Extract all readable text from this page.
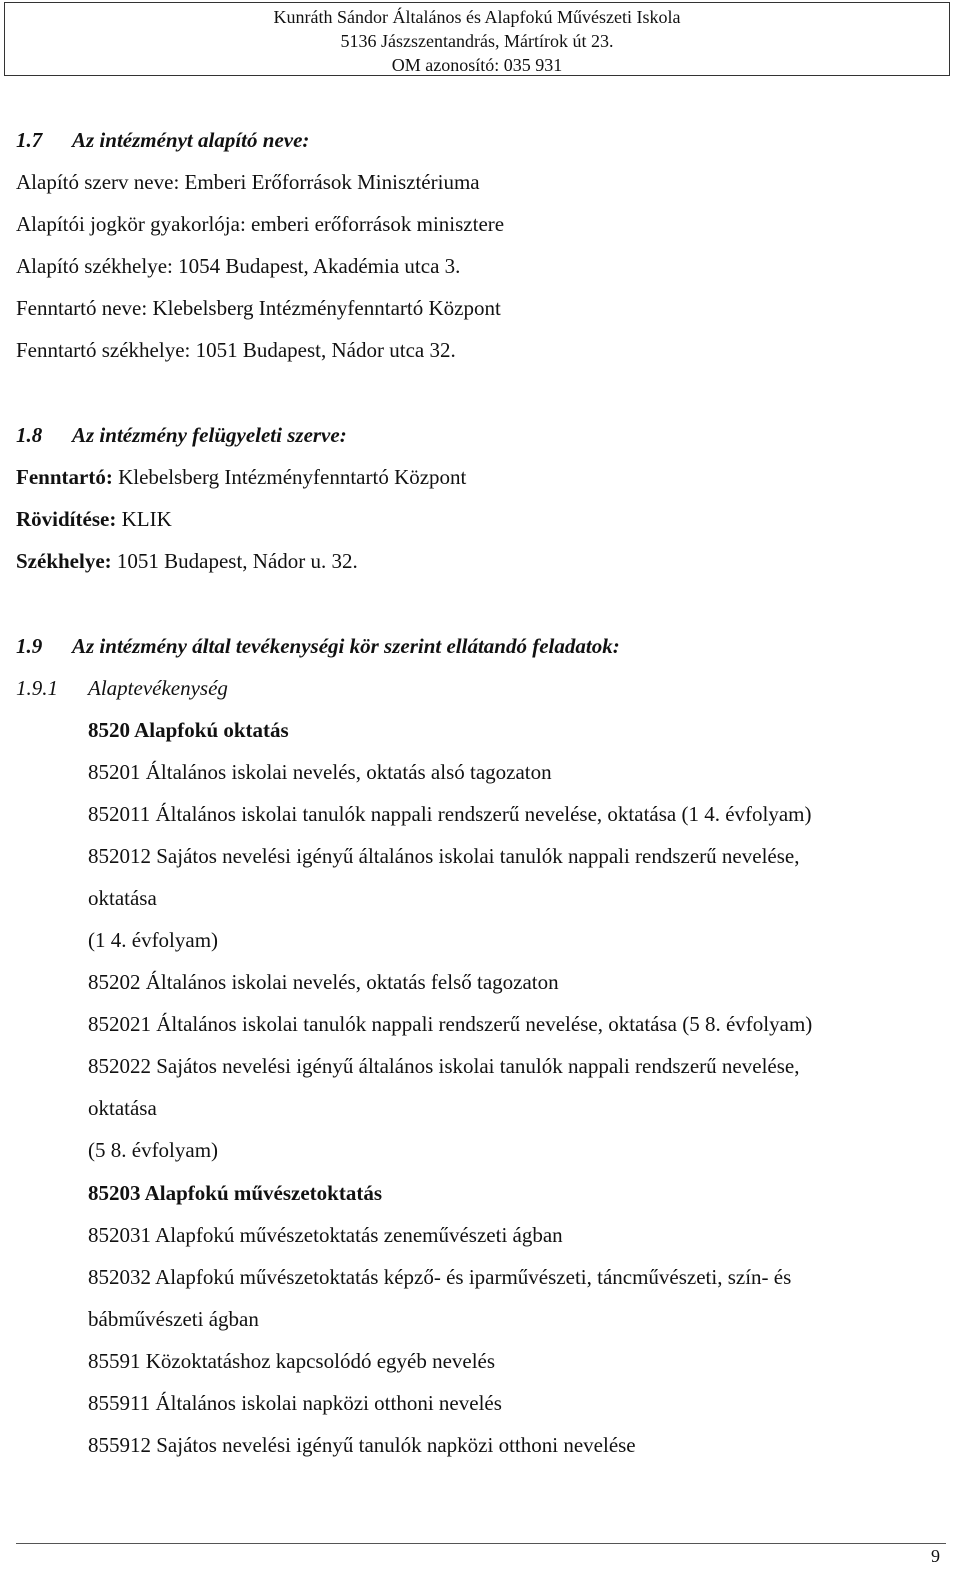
Kunráth Sándor Általános és Alapfokú Művészeti Iskola
5136 Jászszentandrás, Mártírok út 23.
OM azonosító: 035 931
1.7 Az intézményt alapító neve:
Alapító szerv neve: Emberi Erőforrások Minisztériuma
Alapítói jogkör gyakorlója: emberi erőforrások minisztere
Alapító székhelye: 1054 Budapest, Akadémia utca 3.
Fenntartó neve: Klebelsberg Intézményfenntartó Központ
Fenntartó székhelye: 1051 Budapest, Nádor utca 32.
1.8 Az intézmény felügyeleti szerve:
Fenntartó: Klebelsberg Intézményfenntartó Központ
Rövidítése: KLIK
Székhelye: 1051 Budapest, Nádor u. 32.
1.9 Az intézmény által tevékenységi kör szerint ellátandó feladatok:
1.9.1 Alaptevékenység
8520 Alapfokú oktatás
85201 Általános iskolai nevelés, oktatás alsó tagozaton
852011 Általános iskolai tanulók nappali rendszerű nevelése, oktatása (1 4. évfolyam)
852012 Sajátos nevelési igényű általános iskolai tanulók nappali rendszerű nevelése,
oktatása
(1 4. évfolyam)
85202 Általános iskolai nevelés, oktatás felső tagozaton
852021 Általános iskolai tanulók nappali rendszerű nevelése, oktatása (5 8. évfolyam)
852022 Sajátos nevelési igényű általános iskolai tanulók nappali rendszerű nevelése,
oktatása
(5 8. évfolyam)
85203 Alapfokú művészetoktatás
852031 Alapfokú művészetoktatás zeneművészeti ágban
852032 Alapfokú művészetoktatás képző- és iparművészeti, táncművészeti, szín- és
bábművészeti ágban
85591 Közoktatáshoz kapcsolódó egyéb nevelés
855911 Általános iskolai napközi otthoni nevelés
855912 Sajátos nevelési igényű tanulók napközi otthoni nevelése
9
